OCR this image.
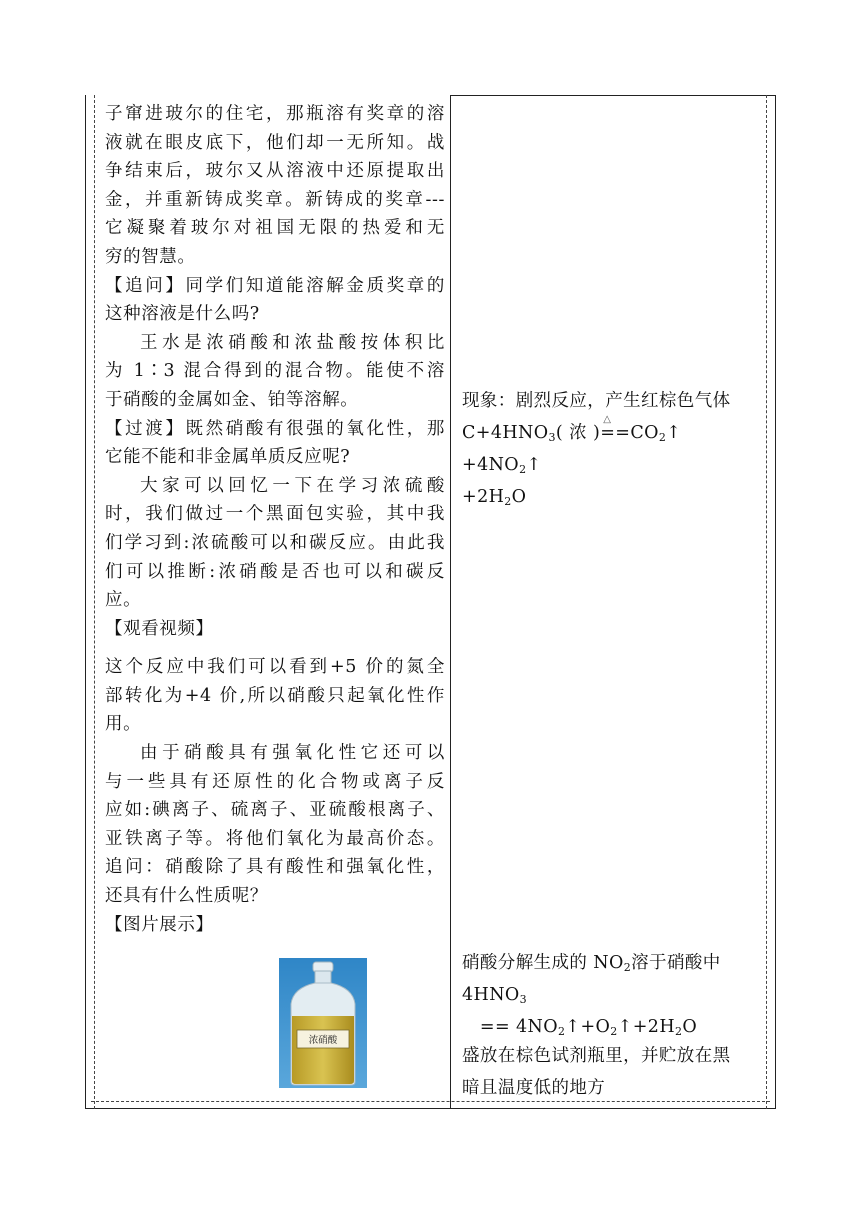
子窜进玻尔的住宅，那瓶溶有奖章的溶

液就在眼皮底下，他们却一无所知。战

争结束后，玻尔又从溶液中还原提取出

金，并重新铸成奖章。新铸成的奖章---

它凝聚着玻尔对祖国无限的热爱和无

穷的智慧。

【追问】同学们知道能溶解金质奖章的

这种溶液是什么吗?

王水是浓硝酸和浓盐酸按体积比

为 1∶3 混合得到的混合物。能使不溶

于硝酸的金属如金、铂等溶解。

【过渡】既然硝酸有很强的氧化性，那

它能不能和非金属单质反应呢?

大家可以回忆一下在学习浓硫酸

时，我们做过一个黑面包实验，其中我

们学习到:浓硫酸可以和碳反应。由此我

们可以推断:浓硝酸是否也可以和碳反

应。

【观看视频】

这个反应中我们可以看到+5 价的氮全

部转化为+4 价,所以硝酸只起氧化性作

用。

由于硝酸具有强氧化性它还可以

与一些具有还原性的化合物或离子反

应如:碘离子、硫离子、亚硫酸根离子、

亚铁离子等。将他们氧化为最高价态。

追问：硝酸除了具有酸性和强氧化性，

还具有什么性质呢？

【图片展示】

现象：剧烈反应，产生红棕色气体

$C+4HNO_3$( 浓 )
△
$==CO_2↑$ $+4NO_2↑$

$+2H_2O$

硝酸分解生成的 $NO_2$溶于硝酸中

$4HNO_3$   == $4NO_2↑+O_2↑+2H_2O$

盛放在棕色试剂瓶里，并贮放在黑

暗且温度低的地方

浓硝酸
